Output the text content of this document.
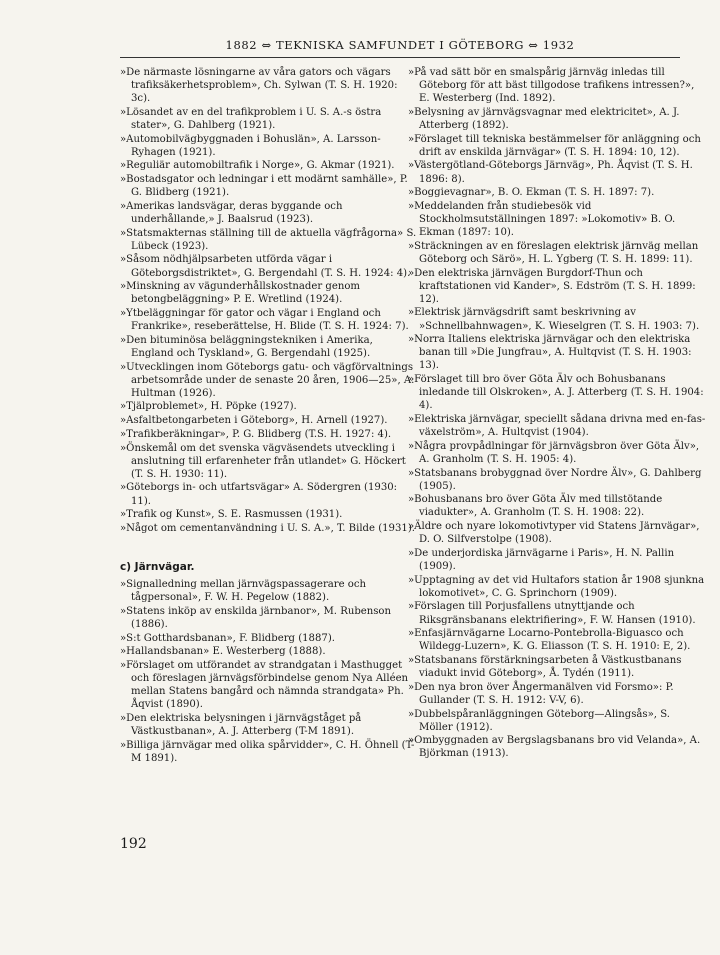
1882 ⇔ TEKNISKA SAMFUNDET I GÖTEBORG ⇔ 1932
»De närmaste lösningarne av våra gators och vägars trafiksäkerhetsproblem», Ch. Sylwan (T. S. H. 1920: 3c).
»Lösandet av en del trafikproblem i U. S. A.-s östra stater», G. Dahlberg (1921).
»Automobilvägbyggnaden i Bohuslän», A. Larsson-Ryhagen (1921).
»Reguliär automobiltrafik i Norge», G. Akmar (1921).
»Bostadsgator och ledningar i ett modärnt samhälle», P. G. Blidberg (1921).
»Amerikas landsvägar, deras byggande och underhållande,» J. Baalsrud (1923).
»Statsmakternas ställning till de aktuella vägfrågorna» S. Lübeck (1923).
»Såsom nödhjälpsarbeten utförda vägar i Göteborgsdistriktet», G. Bergendahl (T. S. H. 1924: 4).
»Minskning av vägunderhållskostnader genom betongbeläggning» P. E. Wretlind (1924).
»Ytbeläggningar för gator och vägar i England och Frankrike», reseberättelse, H. Blide (T. S. H. 1924: 7).
»Den bituminösa beläggningstekniken i Amerika, England och Tyskland», G. Bergendahl (1925).
»Utvecklingen inom Göteborgs gatu- och vägförvaltnings arbetsområde under de senaste 20 åren, 1906—25», A. Hultman (1926).
»Tjälproblemet», H. Pöpke (1927).
»Asfaltbetongarbeten i Göteborg», H. Arnell (1927).
»Trafikberäkningar», P. G. Blidberg (T.S. H. 1927: 4).
»Önskemål om det svenska vägväsendets utveckling i anslutning till erfarenheter från utlandet» G. Höckert (T. S. H. 1930: 11).
»Göteborgs in- och utfartsvägar» A. Södergren (1930: 11).
»Trafik og Kunst», S. E. Rasmussen (1931).
»Något om cementanvändning i U. S. A.», T. Bilde (1931).
c) Järnvägar.
»Signalledning mellan järnvägspassagerare och tågpersonal», F. W. H. Pegelow (1882).
»Statens inköp av enskilda järnbanor», M. Rubenson (1886).
»S:t Gotthardsbanan», F. Blidberg (1887).
»Hallandsbanan» E. Westerberg (1888).
»Förslaget om utförandet av strandgatan i Masthugget och föreslagen järnvägsförbindelse genom Nya Alléen mellan Statens bangård och nämnda strandgata» Ph. Åqvist (1890).
»Den elektriska belysningen i järnvägståget på Västkustbanan», A. J. Atterberg (T-M 1891).
»Billiga järnvägar med olika spårvidder», C. H. Öhnell (T-M 1891).
»På vad sätt bör en smalspårig järnväg inledas till Göteborg för att bäst tillgodose trafikens intressen?», E. Westerberg (Ind. 1892).
»Belysning av järnvägsvagnar med elektricitet», A. J. Atterberg (1892).
»Förslaget till tekniska bestämmelser för anläggning och drift av enskilda järnvägar» (T. S. H. 1894: 10, 12).
»Västergötland-Göteborgs Järnväg», Ph. Åqvist (T. S. H. 1896: 8).
»Boggievagnar», B. O. Ekman (T. S. H. 1897: 7).
»Meddelanden från studiebesök vid Stockholmsutställningen 1897: »Lokomotiv» B. O. Ekman (1897: 10).
»Sträckningen av en föreslagen elektrisk järnväg mellan Göteborg och Särö», H. L. Ygberg (T. S. H. 1899: 11).
»Den elektriska järnvägen Burgdorf-Thun och kraftstationen vid Kander», S. Edström (T. S. H. 1899: 12).
»Elektrisk järnvägsdrift samt beskrivning av »Schnellbahnwagen», K. Wieselgren (T. S. H. 1903: 7).
»Norra Italiens elektriska järnvägar och den elektriska banan till »Die Jungfrau», A. Hultqvist (T. S. H. 1903: 13).
»Förslaget till bro över Göta Älv och Bohusbanans inledande till Olskroken», A. J. Atterberg (T. S. H. 1904: 4).
»Elektriska järnvägar, speciellt sådana drivna med en-fas-växelström», A. Hultqvist (1904).
»Några provpådlningar för järnvägsbron över Göta Älv», A. Granholm (T. S. H. 1905: 4).
»Statsbanans brobyggnad över Nordre Älv», G. Dahlberg (1905).
»Bohusbanans bro över Göta Älv med tillstötande viadukter», A. Granholm (T. S. H. 1908: 22).
»Äldre och nyare lokomotivtyper vid Statens Järnvägar», D. O. Silfverstolpe (1908).
»De underjordiska järnvägarne i Paris», H. N. Pallin (1909).
»Upptagning av det vid Hultafors station år 1908 sjunkna lokomotivet», C. G. Sprinchorn (1909).
»Förslagen till Porjusfallens utnyttjande och Riksgränsbanans elektrifiering», F. W. Hansen (1910).
»Enfasjärnvägarne Locarno-Pontebrolla-Biguasco och Wildegg-Luzern», K. G. Eliasson (T. S. H. 1910: E, 2).
»Statsbanans förstärkningsarbeten å Västkustbanans viadukt invid Göteborg», Å. Tydén (1911).
»Den nya bron över Ångermanälven vid Forsmo»: P. Gullander (T. S. H. 1912: V-V, 6).
»Dubbelspåranläggningen Göteborg—Alingsås», S. Möller (1912).
»Ombyggnaden av Bergslagsbanans bro vid Velanda», A. Björkman (1913).
192
